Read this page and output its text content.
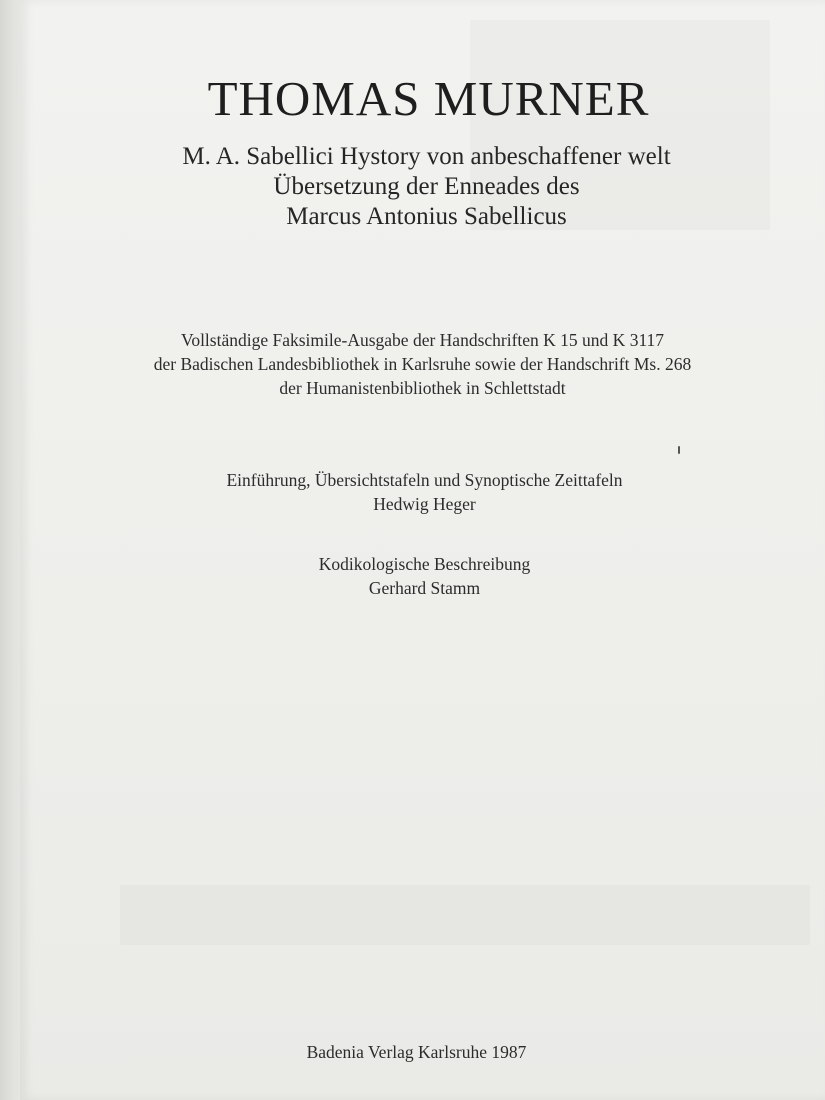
THOMAS MURNER
M. A. Sabellici Hystory von anbeschaffener welt
Übersetzung der Enneades des
Marcus Antonius Sabellicus
Vollständige Faksimile-Ausgabe der Handschriften K 15 und K 3117
der Badischen Landesbibliothek in Karlsruhe sowie der Handschrift Ms. 268
der Humanistenbibliothek in Schlettstadt
Einführung, Übersichtstafeln und Synoptische Zeittafeln
Hedwig Heger
Kodikologische Beschreibung
Gerhard Stamm
Badenia Verlag Karlsruhe 1987
